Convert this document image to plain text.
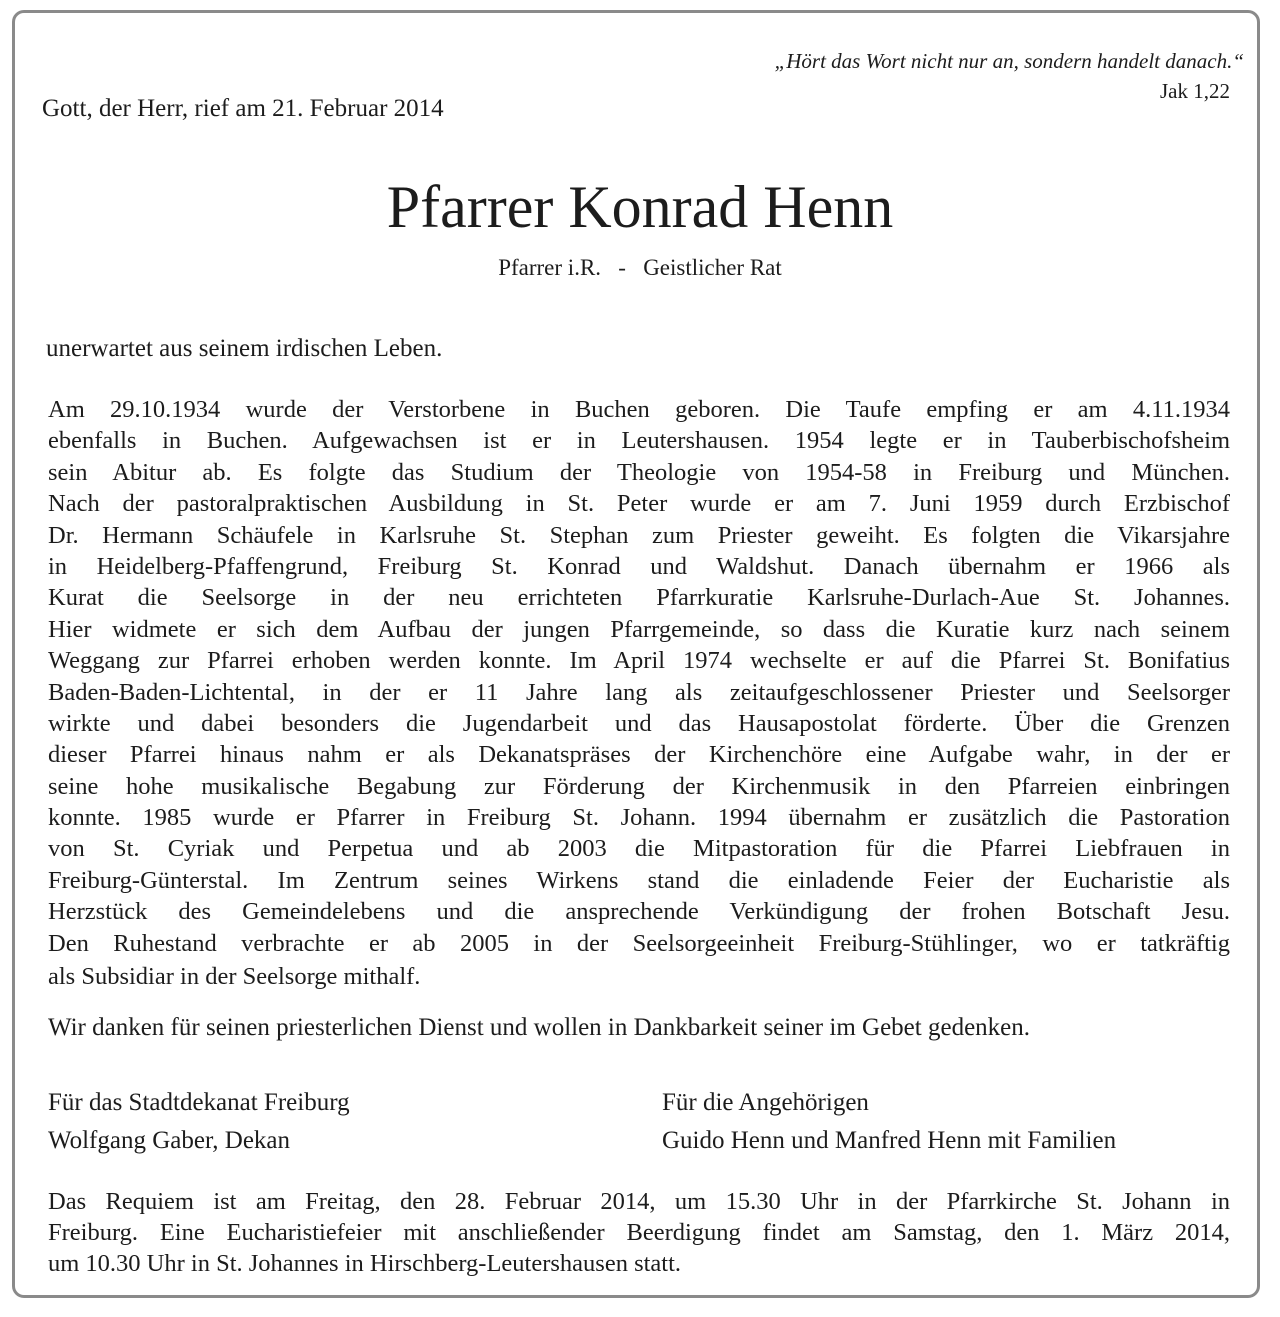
„Hört das Wort nicht nur an, sondern handelt danach.“
Jak 1,22
Gott, der Herr, rief am 21. Februar 2014
Pfarrer Konrad Henn
Pfarrer i.R.   -   Geistlicher Rat
unerwartet aus seinem irdischen Leben.
Am 29.10.1934 wurde der Verstorbene in Buchen geboren. Die Taufe empfing er am 4.11.1934
ebenfalls in Buchen. Aufgewachsen ist er in Leutershausen. 1954 legte er in Tauberbischofsheim
sein Abitur ab. Es folgte das Studium der Theologie von 1954-58 in Freiburg und München.
Nach der pastoralpraktischen Ausbildung in St. Peter wurde er am 7. Juni 1959 durch Erzbischof
Dr. Hermann Schäufele in Karlsruhe St. Stephan zum Priester geweiht. Es folgten die Vikarsjahre
in Heidelberg-Pfaffengrund, Freiburg St. Konrad und Waldshut. Danach übernahm er 1966 als
Kurat die Seelsorge in der neu errichteten Pfarrkuratie Karlsruhe-Durlach-Aue St. Johannes.
Hier widmete er sich dem Aufbau der jungen Pfarrgemeinde, so dass die Kuratie kurz nach seinem
Weggang zur Pfarrei erhoben werden konnte. Im April 1974 wechselte er auf die Pfarrei St. Bonifatius
Baden-Baden-Lichtental, in der er 11 Jahre lang als zeitaufgeschlossener Priester und Seelsorger
wirkte und dabei besonders die Jugendarbeit und das Hausapostolat förderte. Über die Grenzen
dieser Pfarrei hinaus nahm er als Dekanatspräses der Kirchenchöre eine Aufgabe wahr, in der er
seine hohe musikalische Begabung zur Förderung der Kirchenmusik in den Pfarreien einbringen
konnte. 1985 wurde er Pfarrer in Freiburg St. Johann. 1994 übernahm er zusätzlich die Pastoration
von St. Cyriak und Perpetua und ab 2003 die Mitpastoration für die Pfarrei Liebfrauen in
Freiburg-Günterstal. Im Zentrum seines Wirkens stand die einladende Feier der Eucharistie als
Herzstück des Gemeindelebens und die ansprechende Verkündigung der frohen Botschaft Jesu.
Den Ruhestand verbrachte er ab 2005 in der Seelsorgeeinheit Freiburg-Stühlinger, wo er tatkräftig
als Subsidiar in der Seelsorge mithalf.
Wir danken für seinen priesterlichen Dienst und wollen in Dankbarkeit seiner im Gebet gedenken.
Für das Stadtdekanat Freiburg
Wolfgang Gaber, Dekan
Für die Angehörigen
Guido Henn und Manfred Henn mit Familien
Das Requiem ist am Freitag, den 28. Februar 2014, um 15.30 Uhr in der Pfarrkirche St. Johann in
Freiburg. Eine Eucharistiefeier mit anschließender Beerdigung findet am Samstag, den 1. März 2014,
um 10.30 Uhr in St. Johannes in Hirschberg-Leutershausen statt.
